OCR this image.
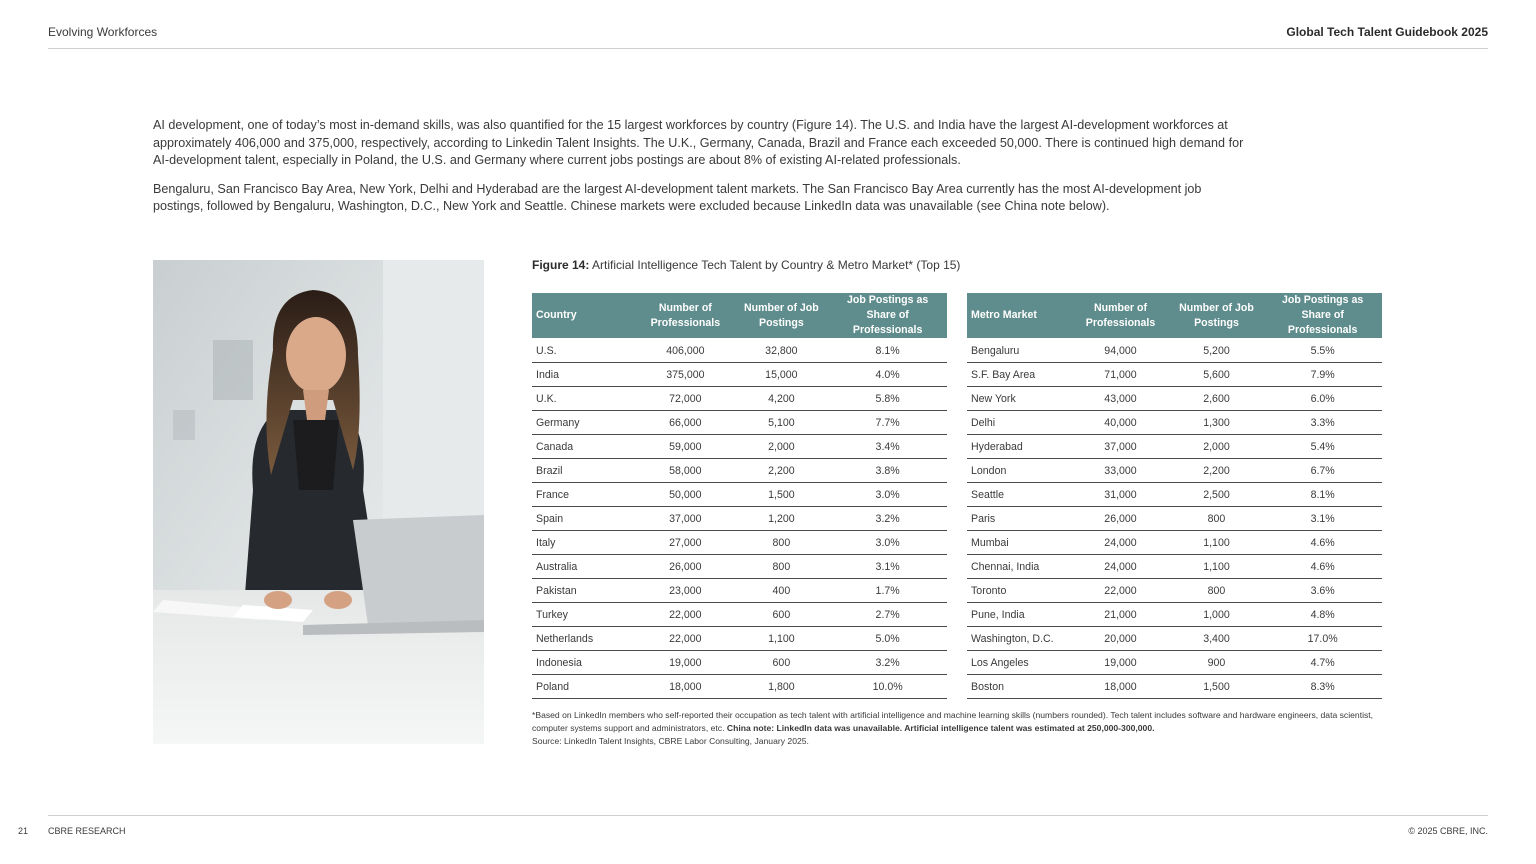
Evolving Workforces	Global Tech Talent Guidebook 2025

AI development, one of today’s most in-demand skills, was also quantified for the 15 largest workforces by country (Figure 14). The U.S. and India have the largest AI-development workforces at approximately 406,000 and 375,000, respectively, according to Linkedin Talent Insights. The U.K., Germany, Canada, Brazil and France each exceeded 50,000. There is continued high demand for AI-development talent, especially in Poland, the U.S. and Germany where current jobs postings are about 8% of existing AI-related professionals.

Bengaluru, San Francisco Bay Area, New York, Delhi and Hyderabad are the largest AI-development talent markets. The San Francisco Bay Area currently has the most AI-development job postings, followed by Bengaluru, Washington, D.C., New York and Seattle. Chinese markets were excluded because LinkedIn data was unavailable (see China note below).

Figure 14: Artificial Intelligence Tech Talent by Country & Metro Market* (Top 15)
Country	Number of Professionals	Number of Job Postings	Job Postings as Share of Professionals
U.S.	406,000	32,800	8.1%
India	375,000	15,000	4.0%
U.K.	72,000	4,200	5.8%
Germany	66,000	5,100	7.7%
Canada	59,000	2,000	3.4%
Brazil	58,000	2,200	3.8%
France	50,000	1,500	3.0%
Spain	37,000	1,200	3.2%
Italy	27,000	800	3.0%
Australia	26,000	800	3.1%
Pakistan	23,000	400	1.7%
Turkey	22,000	600	2.7%
Netherlands	22,000	1,100	5.0%
Indonesia	19,000	600	3.2%
Poland	18,000	1,800	10.0%
Metro Market	Number of Professionals	Number of Job Postings	Job Postings as Share of Professionals
Bengaluru	94,000	5,200	5.5%
S.F. Bay Area	71,000	5,600	7.9%
New York	43,000	2,600	6.0%
Delhi	40,000	1,300	3.3%
Hyderabad	37,000	2,000	5.4%
London	33,000	2,200	6.7%
Seattle	31,000	2,500	8.1%
Paris	26,000	800	3.1%
Mumbai	24,000	1,100	4.6%
Chennai, India	24,000	1,100	4.6%
Toronto	22,000	800	3.6%
Pune, India	21,000	1,000	4.8%
Washington, D.C.	20,000	3,400	17.0%
Los Angeles	19,000	900	4.7%
Boston	18,000	1,500	8.3%
*Based on LinkedIn members who self-reported their occupation as tech talent with artificial intelligence and machine learning skills (numbers rounded). Tech talent includes software and hardware engineers, data scientist, computer systems support and administrators, etc. China note: LinkedIn data was unavailable. Artificial intelligence talent was estimated at 250,000-300,000.
Source: LinkedIn Talent Insights, CBRE Labor Consulting, January 2025.
21 CBRE RESEARCH	© 2025 CBRE, INC.
